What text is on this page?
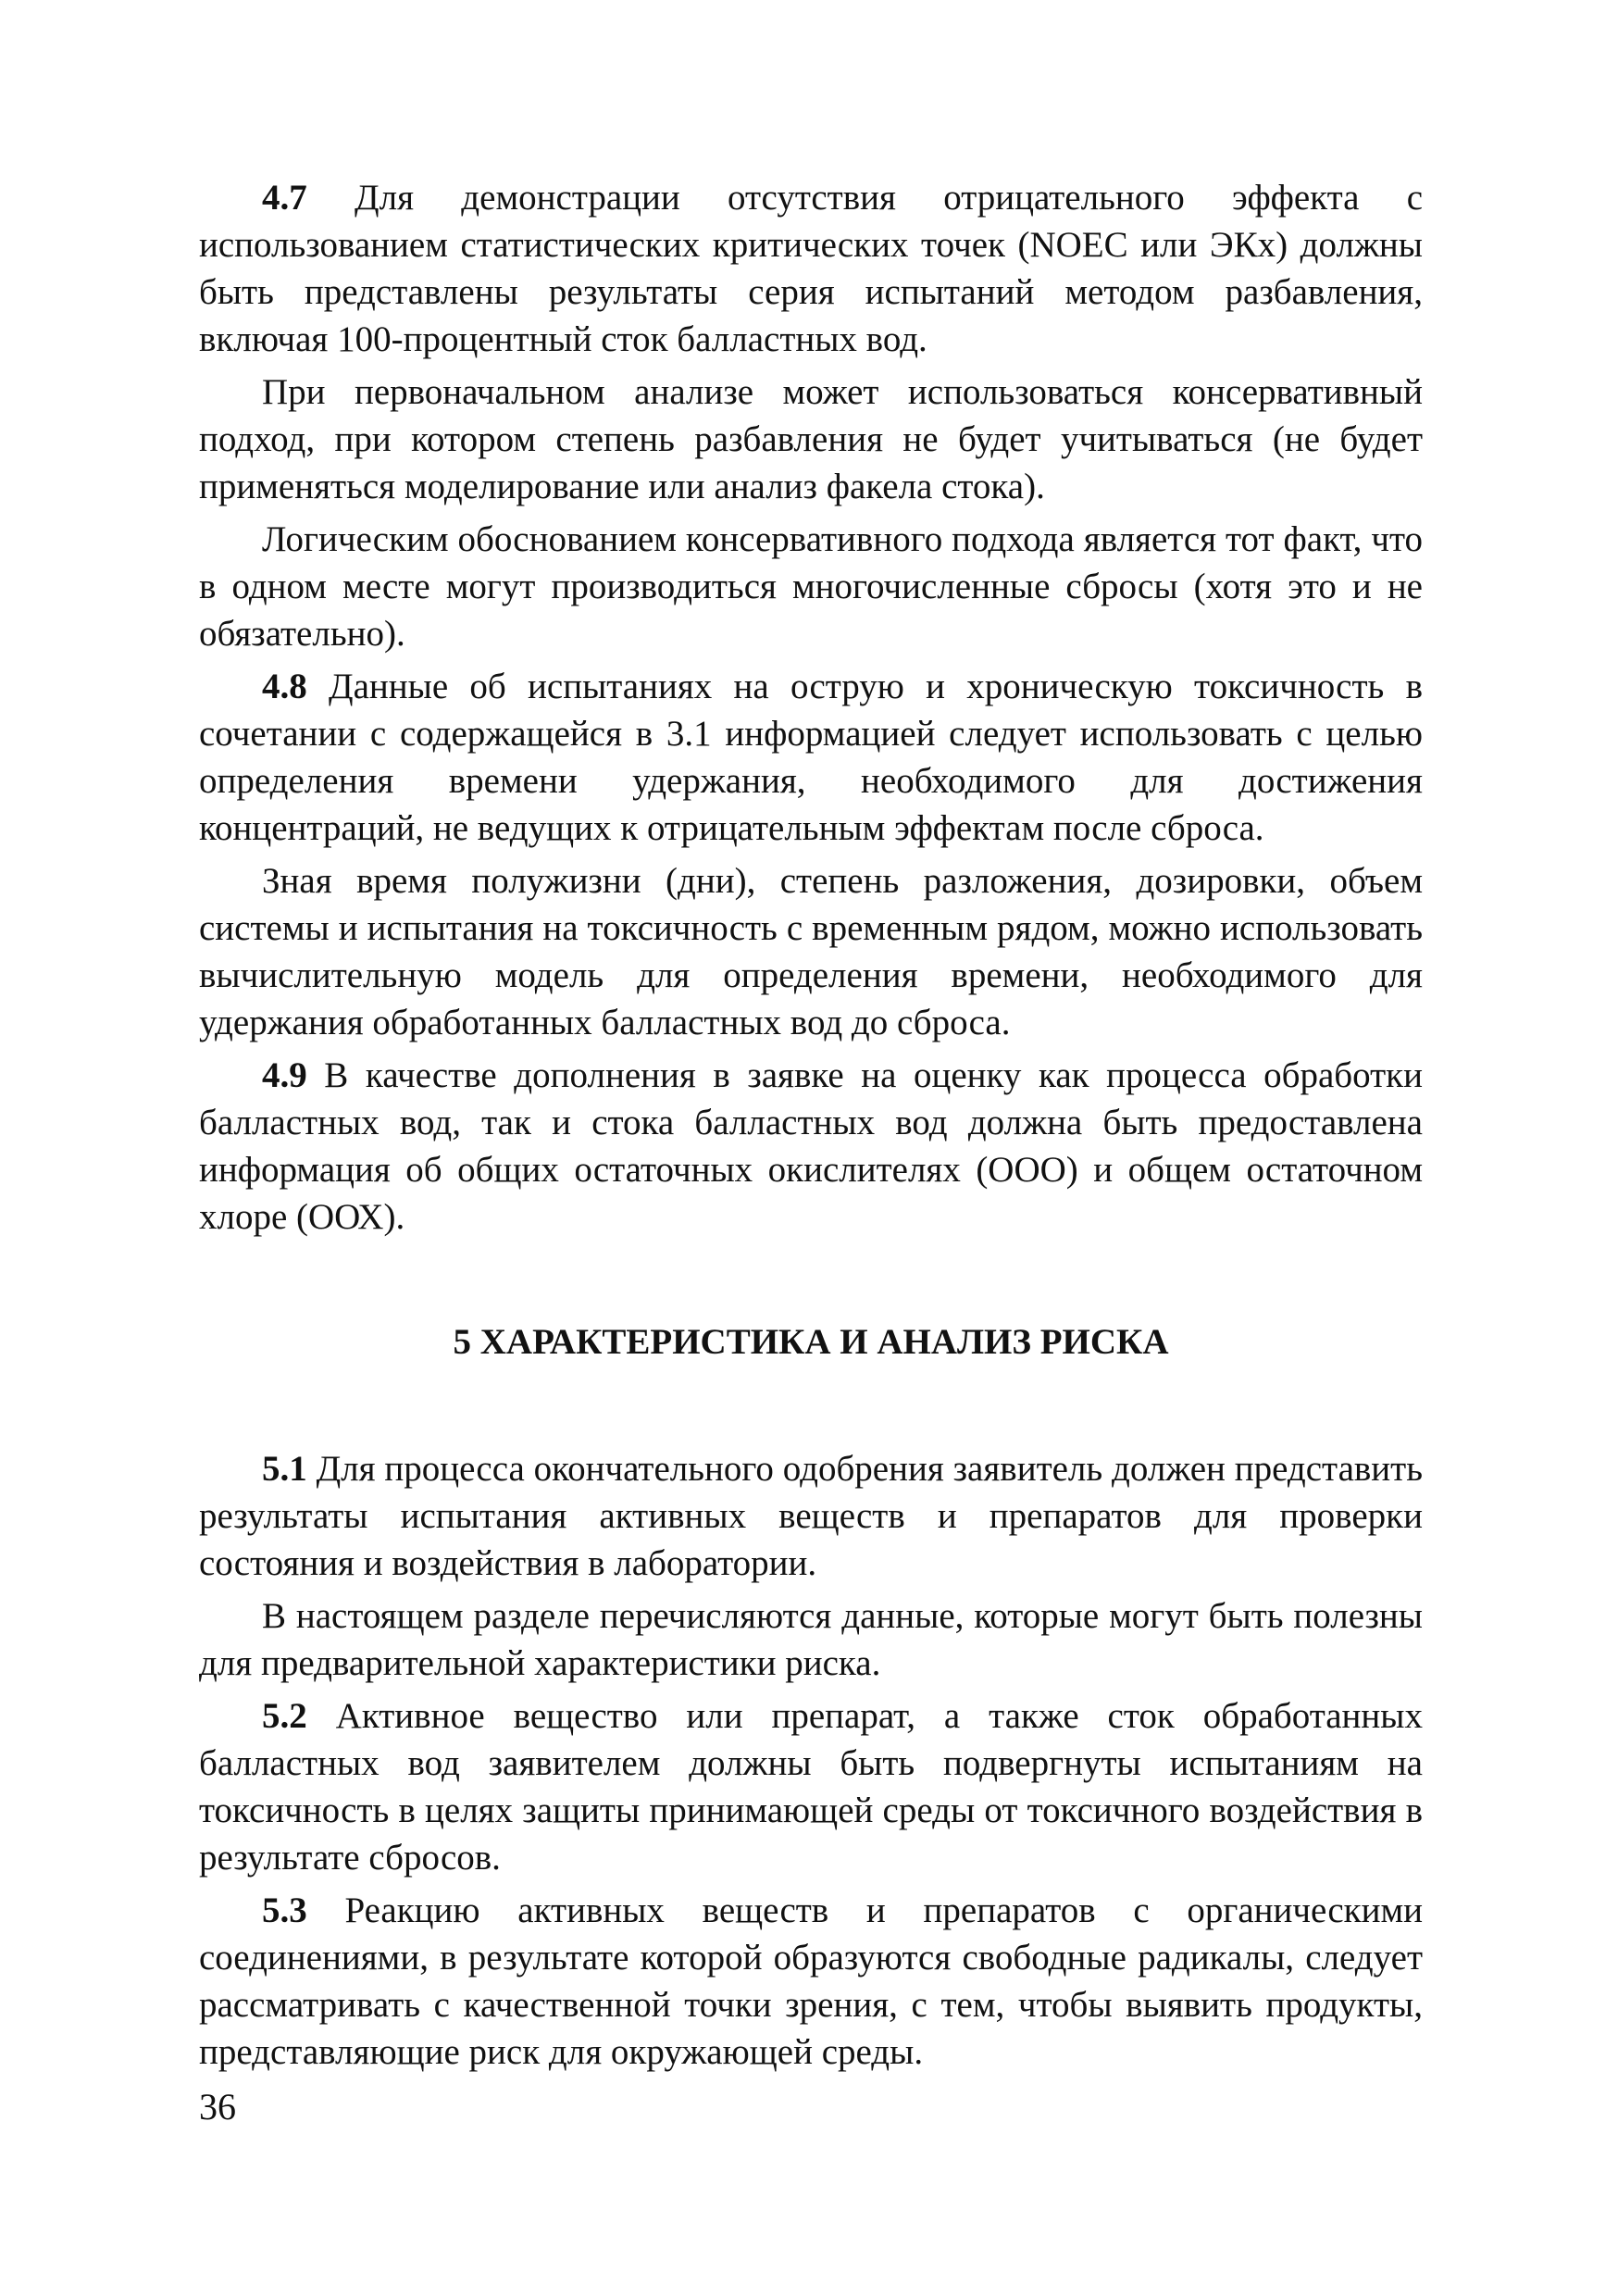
4.7 Для демонстрации отсутствия отрицательного эффекта с использованием статистических критических точек (NOEC или ЭКх) должны быть представлены результаты серия испытаний методом разбавления, включая 100-процентный сток балластных вод.

При первоначальном анализе может использоваться консервативный подход, при котором степень разбавления не будет учитываться (не будет применяться моделирование или анализ факела стока).

Логическим обоснованием консервативного подхода является тот факт, что в одном месте могут производиться многочисленные сбросы (хотя это и не обязательно).

4.8 Данные об испытаниях на острую и хроническую токсичность в сочетании с содержащейся в 3.1 информацией следует использовать с целью определения времени удержания, необходимого для достижения концентраций, не ведущих к отрицательным эффектам после сброса.

Зная время полужизни (дни), степень разложения, дозировки, объем системы и испытания на токсичность с временным рядом, можно использовать вычислительную модель для определения времени, необходимого для удержания обработанных балластных вод до сброса.

4.9 В качестве дополнения в заявке на оценку как процесса обработки балластных вод, так и стока балластных вод должна быть предоставлена информация об общих остаточных окислителях (ООО) и общем остаточном хлоре (ООХ).

5 ХАРАКТЕРИСТИКА И АНАЛИЗ РИСКА

5.1 Для процесса окончательного одобрения заявитель должен представить результаты испытания активных веществ и препаратов для проверки состояния и воздействия в лаборатории.

В настоящем разделе перечисляются данные, которые могут быть полезны для предварительной характеристики риска.

5.2 Активное вещество или препарат, а также сток обработанных балластных вод заявителем должны быть подвергнуты испытаниям на токсичность в целях защиты принимающей среды от токсичного воздействия в результате сбросов.

5.3 Реакцию активных веществ и препаратов с органическими соединениями, в результате которой образуются свободные радикалы, следует рассматривать с качественной точки зрения, с тем, чтобы выявить продукты, представляющие риск для окружающей среды.

36
